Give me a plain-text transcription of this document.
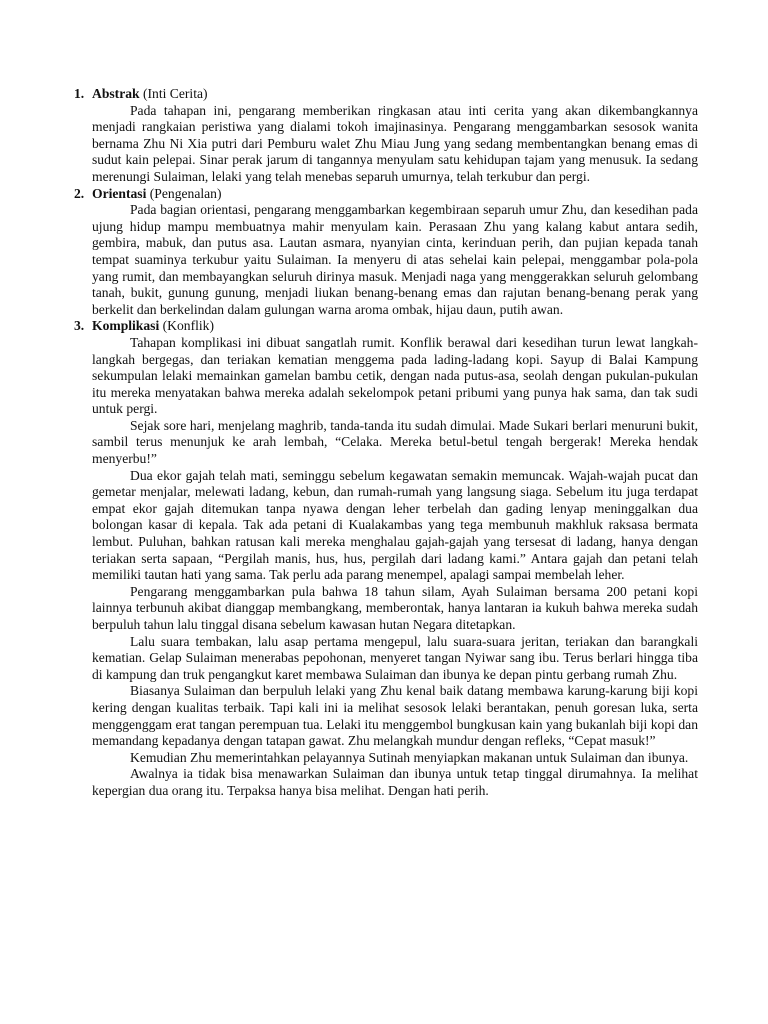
1. Abstrak (Inti Cerita)

Pada tahapan ini, pengarang memberikan ringkasan atau inti cerita yang akan dikembangkannya menjadi rangkaian peristiwa yang dialami tokoh imajinasinya. Pengarang menggambarkan sesosok wanita bernama Zhu Ni Xia putri dari Pemburu walet Zhu Miau Jung yang sedang membentangkan benang emas di sudut kain pelepai. Sinar perak jarum di tangannya menyulam satu kehidupan tajam yang menusuk. Ia sedang merenungi Sulaiman, lelaki yang telah menebas separuh umurnya, telah terkubur dan pergi.

2. Orientasi (Pengenalan)

Pada bagian orientasi, pengarang menggambarkan kegembiraan separuh umur Zhu, dan kesedihan pada ujung hidup mampu membuatnya mahir menyulam kain. Perasaan Zhu yang kalang kabut antara sedih, gembira, mabuk, dan putus asa. Lautan asmara, nyanyian cinta, kerinduan perih, dan pujian kepada tanah tempat suaminya terkubur yaitu Sulaiman. Ia menyeru di atas sehelai kain pelepai, menggambar pola-pola yang rumit, dan membayangkan seluruh dirinya masuk. Menjadi naga yang menggerakkan seluruh gelombang tanah, bukit, gunung gunung, menjadi liukan benang-benang emas dan rajutan benang-benang perak yang berkelit dan berkelindan dalam gulungan warna aroma ombak, hijau daun, putih awan.

3. Komplikasi (Konflik)

Tahapan komplikasi ini dibuat sangatlah rumit. Konflik berawal dari kesedihan turun lewat langkah-langkah bergegas, dan teriakan kematian menggema pada lading-ladang kopi. Sayup di Balai Kampung sekumpulan lelaki memainkan gamelan bambu cetik, dengan nada putus-asa, seolah dengan pukulan-pukulan itu mereka menyatakan bahwa mereka adalah sekelompok petani pribumi yang punya hak sama, dan tak sudi untuk pergi.

Sejak sore hari, menjelang maghrib, tanda-tanda itu sudah dimulai. Made Sukari berlari menuruni bukit, sambil terus menunjuk ke arah lembah, “Celaka. Mereka betul-betul tengah bergerak! Mereka hendak menyerbu!”

Dua ekor gajah telah mati, seminggu sebelum kegawatan semakin memuncak. Wajah-wajah pucat dan gemetar menjalar, melewati ladang, kebun, dan rumah-rumah yang langsung siaga. Sebelum itu juga terdapat empat ekor gajah ditemukan tanpa nyawa dengan leher terbelah dan gading lenyap meninggalkan dua bolongan kasar di kepala. Tak ada petani di Kualakambas yang tega membunuh makhluk raksasa bermata lembut. Puluhan, bahkan ratusan kali mereka menghalau gajah-gajah yang tersesat di ladang, hanya dengan teriakan serta sapaan, “Pergilah manis, hus, hus, pergilah dari ladang kami.” Antara gajah dan petani telah memiliki tautan hati yang sama. Tak perlu ada parang menempel, apalagi sampai membelah leher.

Pengarang menggambarkan pula bahwa 18 tahun silam, Ayah Sulaiman bersama 200 petani kopi lainnya terbunuh akibat dianggap membangkang, memberontak, hanya lantaran ia kukuh bahwa mereka sudah berpuluh tahun lalu tinggal disana sebelum kawasan hutan Negara ditetapkan.

Lalu suara tembakan, lalu asap pertama mengepul, lalu suara-suara jeritan, teriakan dan barangkali kematian. Gelap Sulaiman menerabas pepohonan, menyeret tangan Nyiwar sang ibu. Terus berlari hingga tiba di kampung dan truk pengangkut karet membawa Sulaiman dan ibunya ke depan pintu gerbang rumah Zhu.

Biasanya Sulaiman dan berpuluh lelaki yang Zhu kenal baik datang membawa karung-karung biji kopi kering dengan kualitas terbaik. Tapi kali ini ia melihat sesosok lelaki berantakan, penuh goresan luka, serta menggenggam erat tangan perempuan tua. Lelaki itu menggembol bungkusan kain yang bukanlah biji kopi dan memandang kepadanya dengan tatapan gawat. Zhu melangkah mundur dengan refleks, “Cepat masuk!”

Kemudian Zhu memerintahkan pelayannya Sutinah menyiapkan makanan untuk Sulaiman dan ibunya.

Awalnya ia tidak bisa menawarkan Sulaiman dan ibunya untuk tetap tinggal dirumahnya. Ia melihat kepergian dua orang itu. Terpaksa hanya bisa melihat. Dengan hati perih.
